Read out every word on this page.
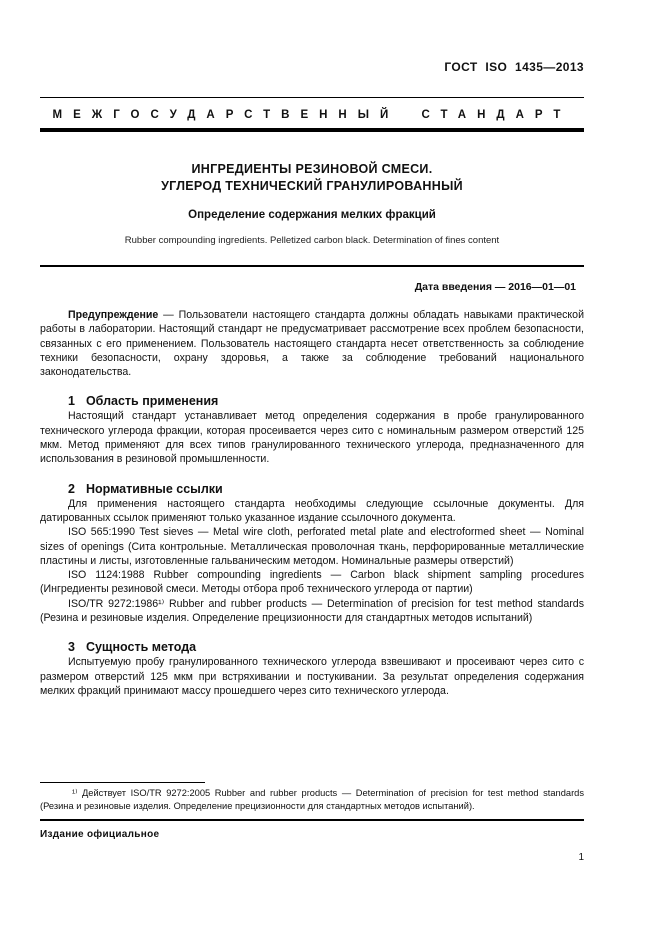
ГОСТ ISO 1435—2013
МЕЖГОСУДАРСТВЕННЫЙ СТАНДАРТ
ИНГРЕДИЕНТЫ РЕЗИНОВОЙ СМЕСИ.
УГЛЕРОД ТЕХНИЧЕСКИЙ ГРАНУЛИРОВАННЫЙ
Определение содержания мелких фракций
Rubber compounding ingredients. Pelletized carbon black. Determination of fines content
Дата введения — 2016—01—01

Предупреждение — Пользователи настоящего стандарта должны обладать навыками практической работы в лаборатории. Настоящий стандарт не предусматривает рассмотрение всех проблем безопасности, связанных с его применением. Пользователь настоящего стандарта несет ответственность за соблюдение техники безопасности, охрану здоровья, а также за соблюдение требований национального законодательства.

1 Область применения

Настоящий стандарт устанавливает метод определения содержания в пробе гранулированного технического углерода фракции, которая просеивается через сито с номинальным размером отверстий 125 мкм. Метод применяют для всех типов гранулированного технического углерода, предназначенного для использования в резиновой промышленности.

2 Нормативные ссылки

Для применения настоящего стандарта необходимы следующие ссылочные документы. Для датированных ссылок применяют только указанное издание ссылочного документа.

ISO 565:1990 Test sieves — Metal wire cloth, perforated metal plate and electroformed sheet — Nominal sizes of openings (Сита контрольные. Металлическая проволочная ткань, перфорированные металлические пластины и листы, изготовленные гальваническим методом. Номинальные размеры отверстий)

ISO 1124:1988 Rubber compounding ingredients — Carbon black shipment sampling procedures (Ингредиенты резиновой смеси. Методы отбора проб технического углерода от партии)

ISO/TR 9272:1986¹⁾ Rubber and rubber products — Determination of precision for test method standards (Резина и резиновые изделия. Определение прецизионности для стандартных методов испытаний)

3 Сущность метода

Испытуемую пробу гранулированного технического углерода взвешивают и просеивают через сито с размером отверстий 125 мкм при встряхивании и постукивании. За результат определения содержания мелких фракций принимают массу прошедшего через сито технического углерода.

¹⁾ Действует ISO/TR 9272:2005 Rubber and rubber products — Determination of precision for test method standards (Резина и резиновые изделия. Определение прецизионности для стандартных методов испытаний).

Издание официальное
1
